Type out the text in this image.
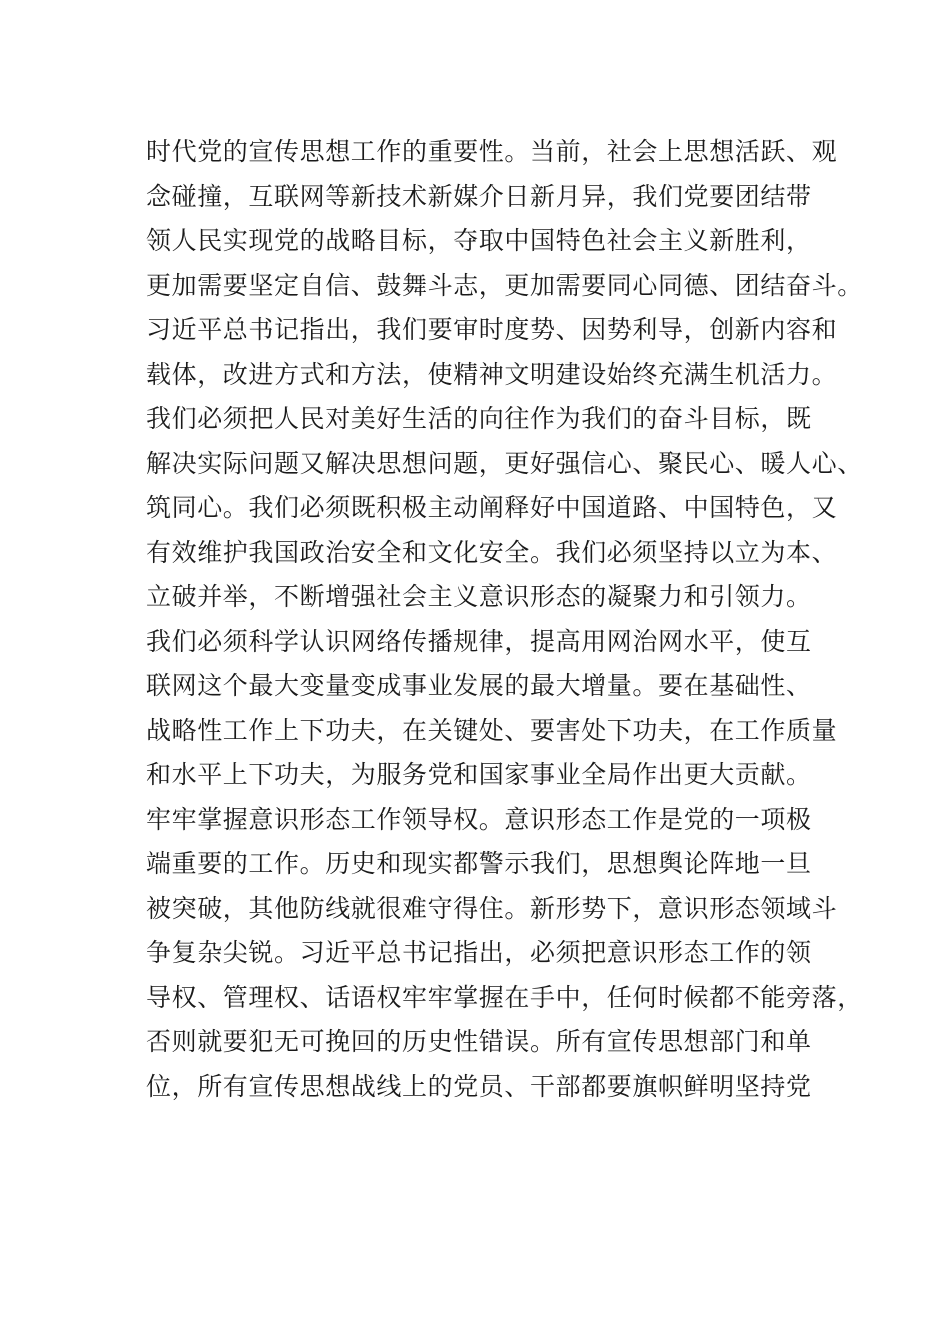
时代党的宣传思想工作的重要性。当前，社会上思想活跃、观
念碰撞，互联网等新技术新媒介日新月异，我们党要团结带
领人民实现党的战略目标，夺取中国特色社会主义新胜利，
更加需要坚定自信、鼓舞斗志，更加需要同心同德、团结奋斗。
习近平总书记指出，我们要审时度势、因势利导，创新内容和
载体，改进方式和方法，使精神文明建设始终充满生机活力。
我们必须把人民对美好生活的向往作为我们的奋斗目标，既
解决实际问题又解决思想问题，更好强信心、聚民心、暖人心、
筑同心。我们必须既积极主动阐释好中国道路、中国特色，又
有效维护我国政治安全和文化安全。我们必须坚持以立为本、
立破并举，不断增强社会主义意识形态的凝聚力和引领力。
我们必须科学认识网络传播规律，提高用网治网水平，使互
联网这个最大变量变成事业发展的最大增量。要在基础性、
战略性工作上下功夫，在关键处、要害处下功夫，在工作质量
和水平上下功夫，为服务党和国家事业全局作出更大贡献。
牢牢掌握意识形态工作领导权。意识形态工作是党的一项极
端重要的工作。历史和现实都警示我们，思想舆论阵地一旦
被突破，其他防线就很难守得住。新形势下，意识形态领域斗
争复杂尖锐。习近平总书记指出，必须把意识形态工作的领
导权、管理权、话语权牢牢掌握在手中，任何时候都不能旁落，
否则就要犯无可挽回的历史性错误。所有宣传思想部门和单
位，所有宣传思想战线上的党员、干部都要旗帜鲜明坚持党
